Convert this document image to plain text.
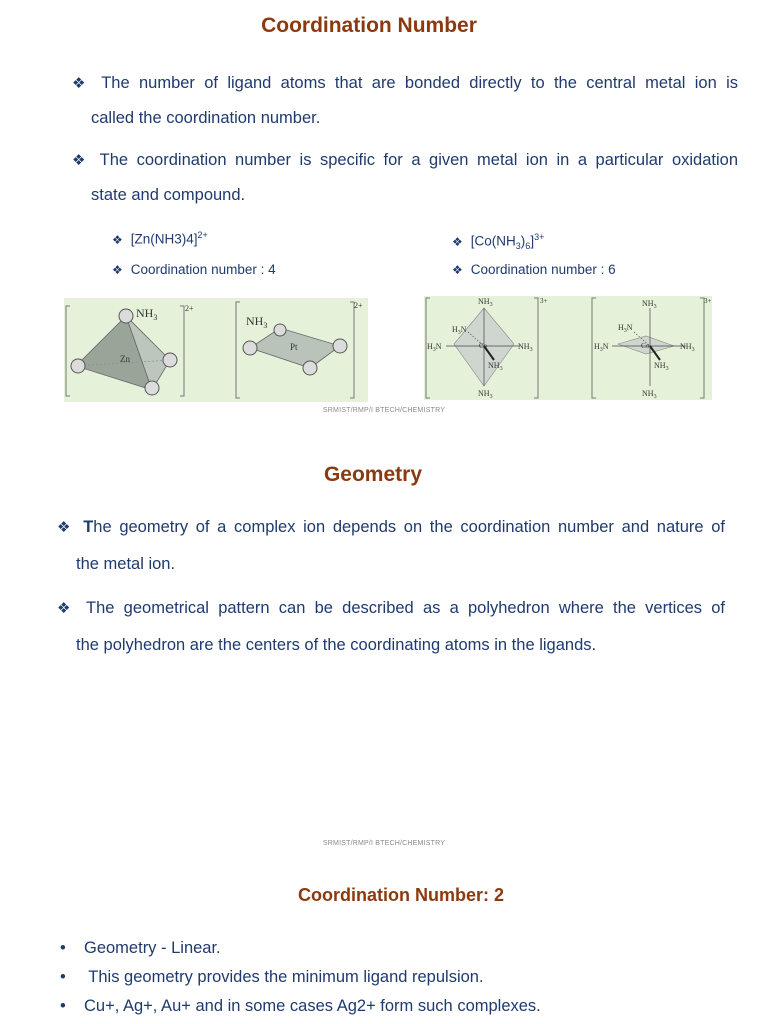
Coordination Number
❖ The number of ligand atoms that are bonded directly to the central metal ion is
called the coordination number.
❖ The coordination number is specific for a given metal ion in a particular oxidation
state and compound.
❖ $[Zn(NH3)4]^{2+}$
❖ Coordination number : 4
❖ $[Co(NH_3)_6]^{3+}$
❖ Coordination number : 6
2+
$NH_3$
Zn
2+
$NH_3$
Pt
3+
$NH_3$
$NH_3$
$H_3N$	$NH_3$
$H_3N$
$NH_3$
Co
3+
$NH_3$
$NH_3$
$H_3N$	$NH_3$
$H_3N$
$NH_3$
Co
SRMIST/RMP/I BTECH/CHEMISTRY
Geometry
❖ The geometry of a complex ion depends on the coordination number and nature of
the metal ion.
❖ The geometrical pattern can be described as a polyhedron where the vertices of
the polyhedron are the centers of the coordinating atoms in the ligands.
SRMIST/RMP/I BTECH/CHEMISTRY
Coordination Number: 2
• Geometry - Linear.
• This geometry provides the minimum ligand repulsion.
• Cu+, Ag+, Au+ and in some cases Ag2+ form such complexes.
